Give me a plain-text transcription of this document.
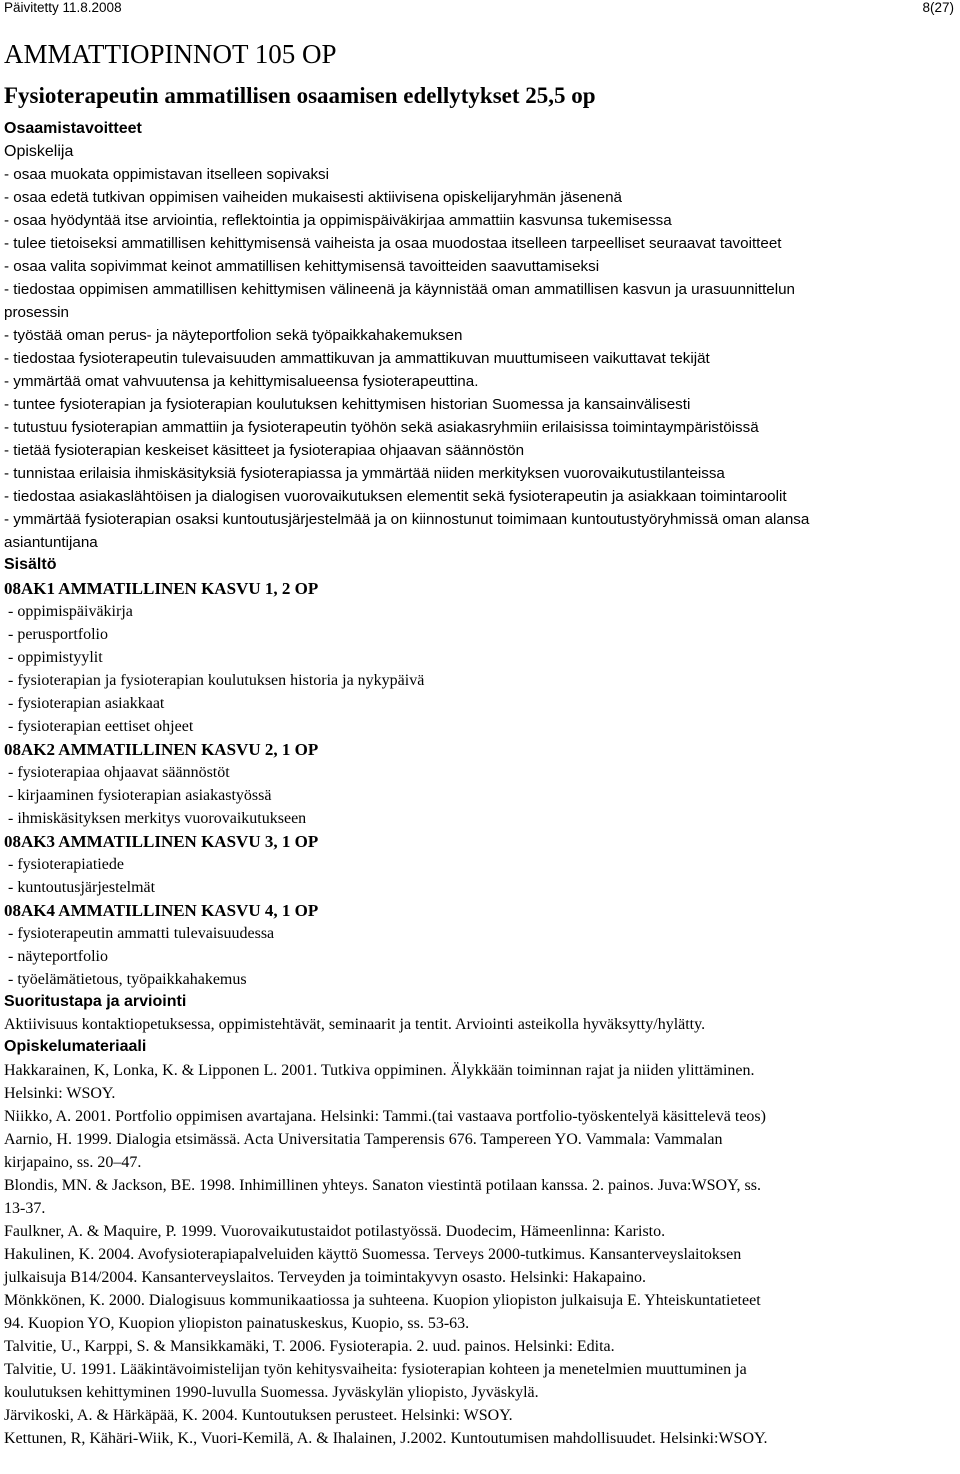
Päivitetty 11.8.2008	8(27)
AMMATTIOPINNOT 105 OP
Fysioterapeutin ammatillisen osaamisen edellytykset 25,5 op
Osaamistavoitteet
Opiskelija
- osaa muokata oppimistavan itselleen sopivaksi
- osaa edetä tutkivan oppimisen vaiheiden mukaisesti aktiivisena opiskelijaryhmän jäsenenä
- osaa hyödyntää itse arviointia, reflektointia ja oppimispäiväkirjaa ammattiin kasvunsa tukemisessa
- tulee tietoiseksi ammatillisen kehittymisensä vaiheista ja osaa muodostaa itselleen tarpeelliset seuraavat tavoitteet
- osaa valita sopivimmat keinot ammatillisen kehittymisensä tavoitteiden saavuttamiseksi
- tiedostaa oppimisen ammatillisen kehittymisen välineenä ja käynnistää oman ammatillisen kasvun ja urasuunnittelun
prosessin
- työstää oman perus- ja näyteportfolion sekä työpaikkahakemuksen
- tiedostaa fysioterapeutin tulevaisuuden ammattikuvan ja ammattikuvan muuttumiseen vaikuttavat tekijät
- ymmärtää omat vahvuutensa ja kehittymisalueensa fysioterapeuttina.
- tuntee fysioterapian ja fysioterapian koulutuksen kehittymisen historian Suomessa ja kansainvälisesti
- tutustuu fysioterapian ammattiin ja fysioterapeutin työhön sekä asiakasryhmiin erilaisissa toimintaympäristöissä
- tietää fysioterapian keskeiset käsitteet ja fysioterapiaa ohjaavan säännöstön
- tunnistaa erilaisia ihmiskäsityksiä fysioterapiassa ja ymmärtää niiden merkityksen vuorovaikutustilanteissa
- tiedostaa asiakaslähtöisen ja dialogisen vuorovaikutuksen elementit sekä fysioterapeutin ja asiakkaan toimintaroolit
- ymmärtää fysioterapian osaksi kuntoutusjärjestelmää ja on kiinnostunut toimimaan kuntoutustyöryhmissä oman alansa
asiantuntijana
Sisältö
08AK1 AMMATILLINEN KASVU 1, 2 OP
- oppimispäiväkirja
- perusportfolio
- oppimistyylit
- fysioterapian ja fysioterapian koulutuksen historia ja nykypäivä
- fysioterapian asiakkaat
- fysioterapian eettiset ohjeet
08AK2 AMMATILLINEN KASVU 2, 1 OP
- fysioterapiaa ohjaavat säännöstöt
- kirjaaminen fysioterapian asiakastyössä
- ihmiskäsityksen merkitys vuorovaikutukseen
08AK3 AMMATILLINEN KASVU 3, 1 OP
- fysioterapiatiede
- kuntoutusjärjestelmät
08AK4 AMMATILLINEN KASVU 4, 1 OP
- fysioterapeutin ammatti tulevaisuudessa
- näyteportfolio
- työelämätietous, työpaikkahakemus
Suoritustapa ja arviointi
Aktiivisuus kontaktiopetuksessa, oppimistehtävät, seminaarit ja tentit. Arviointi asteikolla hyväksytty/hylätty.
Opiskelumateriaali
Hakkarainen, K, Lonka, K. & Lipponen L. 2001. Tutkiva oppiminen. Älykkään toiminnan rajat ja niiden ylittäminen.
Helsinki: WSOY.
Niikko, A. 2001. Portfolio oppimisen avartajana. Helsinki: Tammi.(tai vastaava portfolio-työskentelyä käsittelevä teos)
Aarnio, H. 1999. Dialogia etsimässä. Acta Universitatia Tamperensis 676. Tampereen YO. Vammala: Vammalan
kirjapaino, ss. 20–47.
Blondis, MN. & Jackson, BE. 1998. Inhimillinen yhteys. Sanaton viestintä potilaan kanssa. 2. painos. Juva:WSOY, ss.
13-37.
Faulkner, A. & Maquire, P. 1999. Vuorovaikutustaidot potilastyössä. Duodecim, Hämeenlinna: Karisto.
Hakulinen, K. 2004. Avofysioterapiapalveluiden käyttö Suomessa. Terveys 2000-tutkimus. Kansanterveyslaitoksen
julkaisuja B14/2004. Kansanterveyslaitos. Terveyden ja toimintakyvyn osasto. Helsinki: Hakapaino.
Mönkkönen, K. 2000. Dialogisuus kommunikaatiossa ja suhteena. Kuopion yliopiston julkaisuja E. Yhteiskuntatieteet
94. Kuopion YO, Kuopion yliopiston painatuskeskus, Kuopio, ss. 53-63.
Talvitie, U., Karppi, S. & Mansikkamäki, T. 2006. Fysioterapia. 2. uud. painos. Helsinki: Edita.
Talvitie, U. 1991. Lääkintävoimistelijan työn kehitysvaiheita: fysioterapian kohteen ja menetelmien muuttuminen ja
koulutuksen kehittyminen 1990-luvulla Suomessa. Jyväskylän yliopisto, Jyväskylä.
Järvikoski, A. & Härkäpää, K. 2004. Kuntoutuksen perusteet. Helsinki: WSOY.
Kettunen, R, Kähäri-Wiik, K., Vuori-Kemilä, A. & Ihalainen, J.2002. Kuntoutumisen mahdollisuudet. Helsinki:WSOY.
